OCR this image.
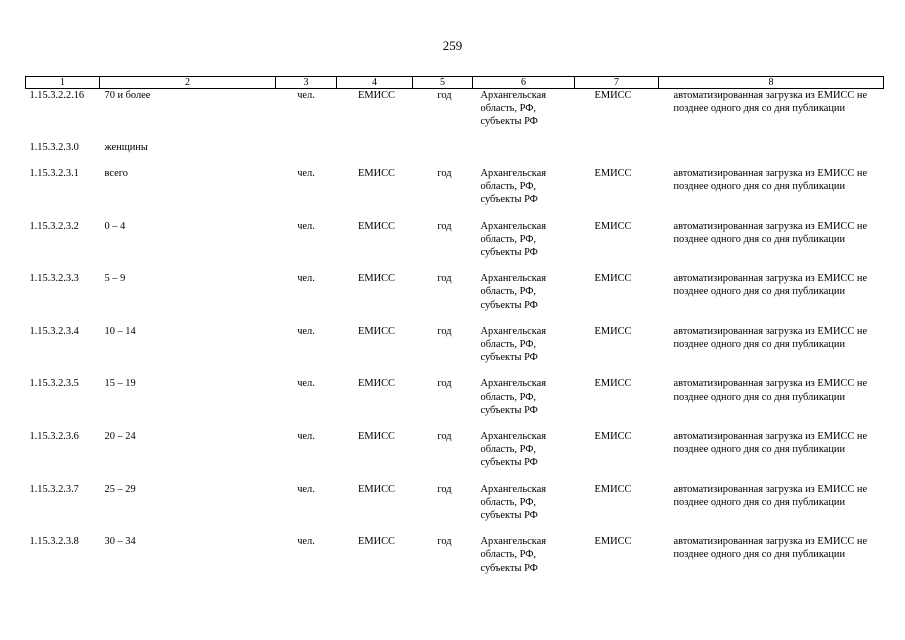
259
1	2	3	4	5	6	7	8
1.15.3.2.2.16	70 и более	чел.	ЕМИСС	год	Архангельская область, РФ, субъекты РФ	ЕМИСС	автоматизированная загрузка из ЕМИСС не позднее одного дня со дня публикации
1.15.3.2.3.0	женщины						
1.15.3.2.3.1	всего	чел.	ЕМИСС	год	Архангельская область, РФ, субъекты РФ	ЕМИСС	автоматизированная загрузка из ЕМИСС не позднее одного дня со дня публикации
1.15.3.2.3.2	0 – 4	чел.	ЕМИСС	год	Архангельская область, РФ, субъекты РФ	ЕМИСС	автоматизированная загрузка из ЕМИСС не позднее одного дня со дня публикации
1.15.3.2.3.3	5 – 9	чел.	ЕМИСС	год	Архангельская область, РФ, субъекты РФ	ЕМИСС	автоматизированная загрузка из ЕМИСС не позднее одного дня со дня публикации
1.15.3.2.3.4	10 – 14	чел.	ЕМИСС	год	Архангельская область, РФ, субъекты РФ	ЕМИСС	автоматизированная загрузка из ЕМИСС не позднее одного дня со дня публикации
1.15.3.2.3.5	15 – 19	чел.	ЕМИСС	год	Архангельская область, РФ, субъекты РФ	ЕМИСС	автоматизированная загрузка из ЕМИСС не позднее одного дня со дня публикации
1.15.3.2.3.6	20 – 24	чел.	ЕМИСС	год	Архангельская область, РФ, субъекты РФ	ЕМИСС	автоматизированная загрузка из ЕМИСС не позднее одного дня со дня публикации
1.15.3.2.3.7	25 – 29	чел.	ЕМИСС	год	Архангельская область, РФ, субъекты РФ	ЕМИСС	автоматизированная загрузка из ЕМИСС не позднее одного дня со дня публикации
1.15.3.2.3.8	30 – 34	чел.	ЕМИСС	год	Архангельская область, РФ, субъекты РФ	ЕМИСС	автоматизированная загрузка из ЕМИСС не позднее одного дня со дня публикации
